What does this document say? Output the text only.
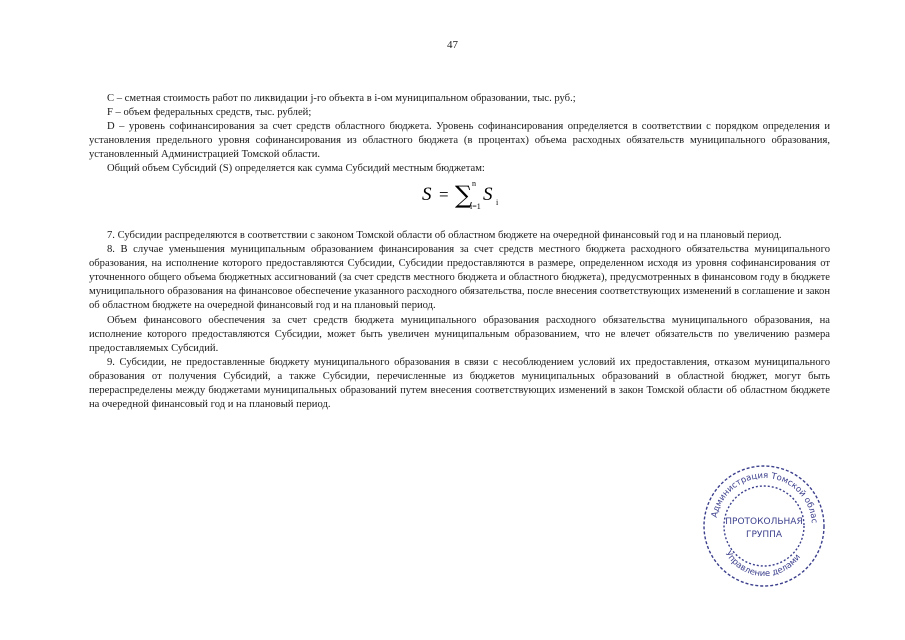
47

C – сметная стоимость работ по ликвидации j-го объекта в i-ом муниципальном образовании, тыс. руб.;

F – объем федеральных средств, тыс. рублей;

D – уровень софинансирования за счет средств областного бюджета. Уровень софинансирования определяется в соответствии с порядком определения и установления предельного уровня софинансирования из областного бюджета (в процентах) объема расходных обязательств муниципального образования, установленный Администрацией Томской области.

Общий объем Субсидий (S) определяется как сумма Субсидий местным бюджетам:

S = ∑ n
i=1
S i

7. Субсидии распределяются в соответствии с законом Томской области об областном бюджете на очередной финансовый год и на плановый период.

8. В случае уменьшения муниципальным образованием финансирования за счет средств местного бюджета расходного обязательства муниципального образования, на исполнение которого предоставляются Субсидии, Субсидии предоставляются в размере, определенном исходя из уровня софинансирования от уточненного общего объема бюджетных ассигнований (за счет средств местного бюджета и областного бюджета), предусмотренных в финансовом году в бюджете муниципального образования на финансовое обеспечение указанного расходного обязательства, после внесения соответствующих изменений в соглашение и закон об областном бюджете на очередной финансовый год и на плановый период.

Объем финансового обеспечения за счет средств бюджета муниципального образования расходного обязательства муниципального образования, на исполнение которого предоставляются Субсидии, может быть увеличен муниципальным образованием, что не влечет обязательств по увеличению размера предоставляемых Субсидий.

9. Субсидии, не предоставленные бюджету муниципального образования в связи с несоблюдением условий их предоставления, отказом муниципального образования от получения Субсидий, а также Субсидии, перечисленные из бюджетов муниципальных образований в областной бюджет, могут быть перераспределены между бюджетами муниципальных образований путем внесения соответствующих изменений в закон Томской области об областном бюджете на очередной финансовый год и на плановый период.

Администрация Томской облас
Управление делами
ПРОТОКОЛЬНАЯ
ГРУППА
